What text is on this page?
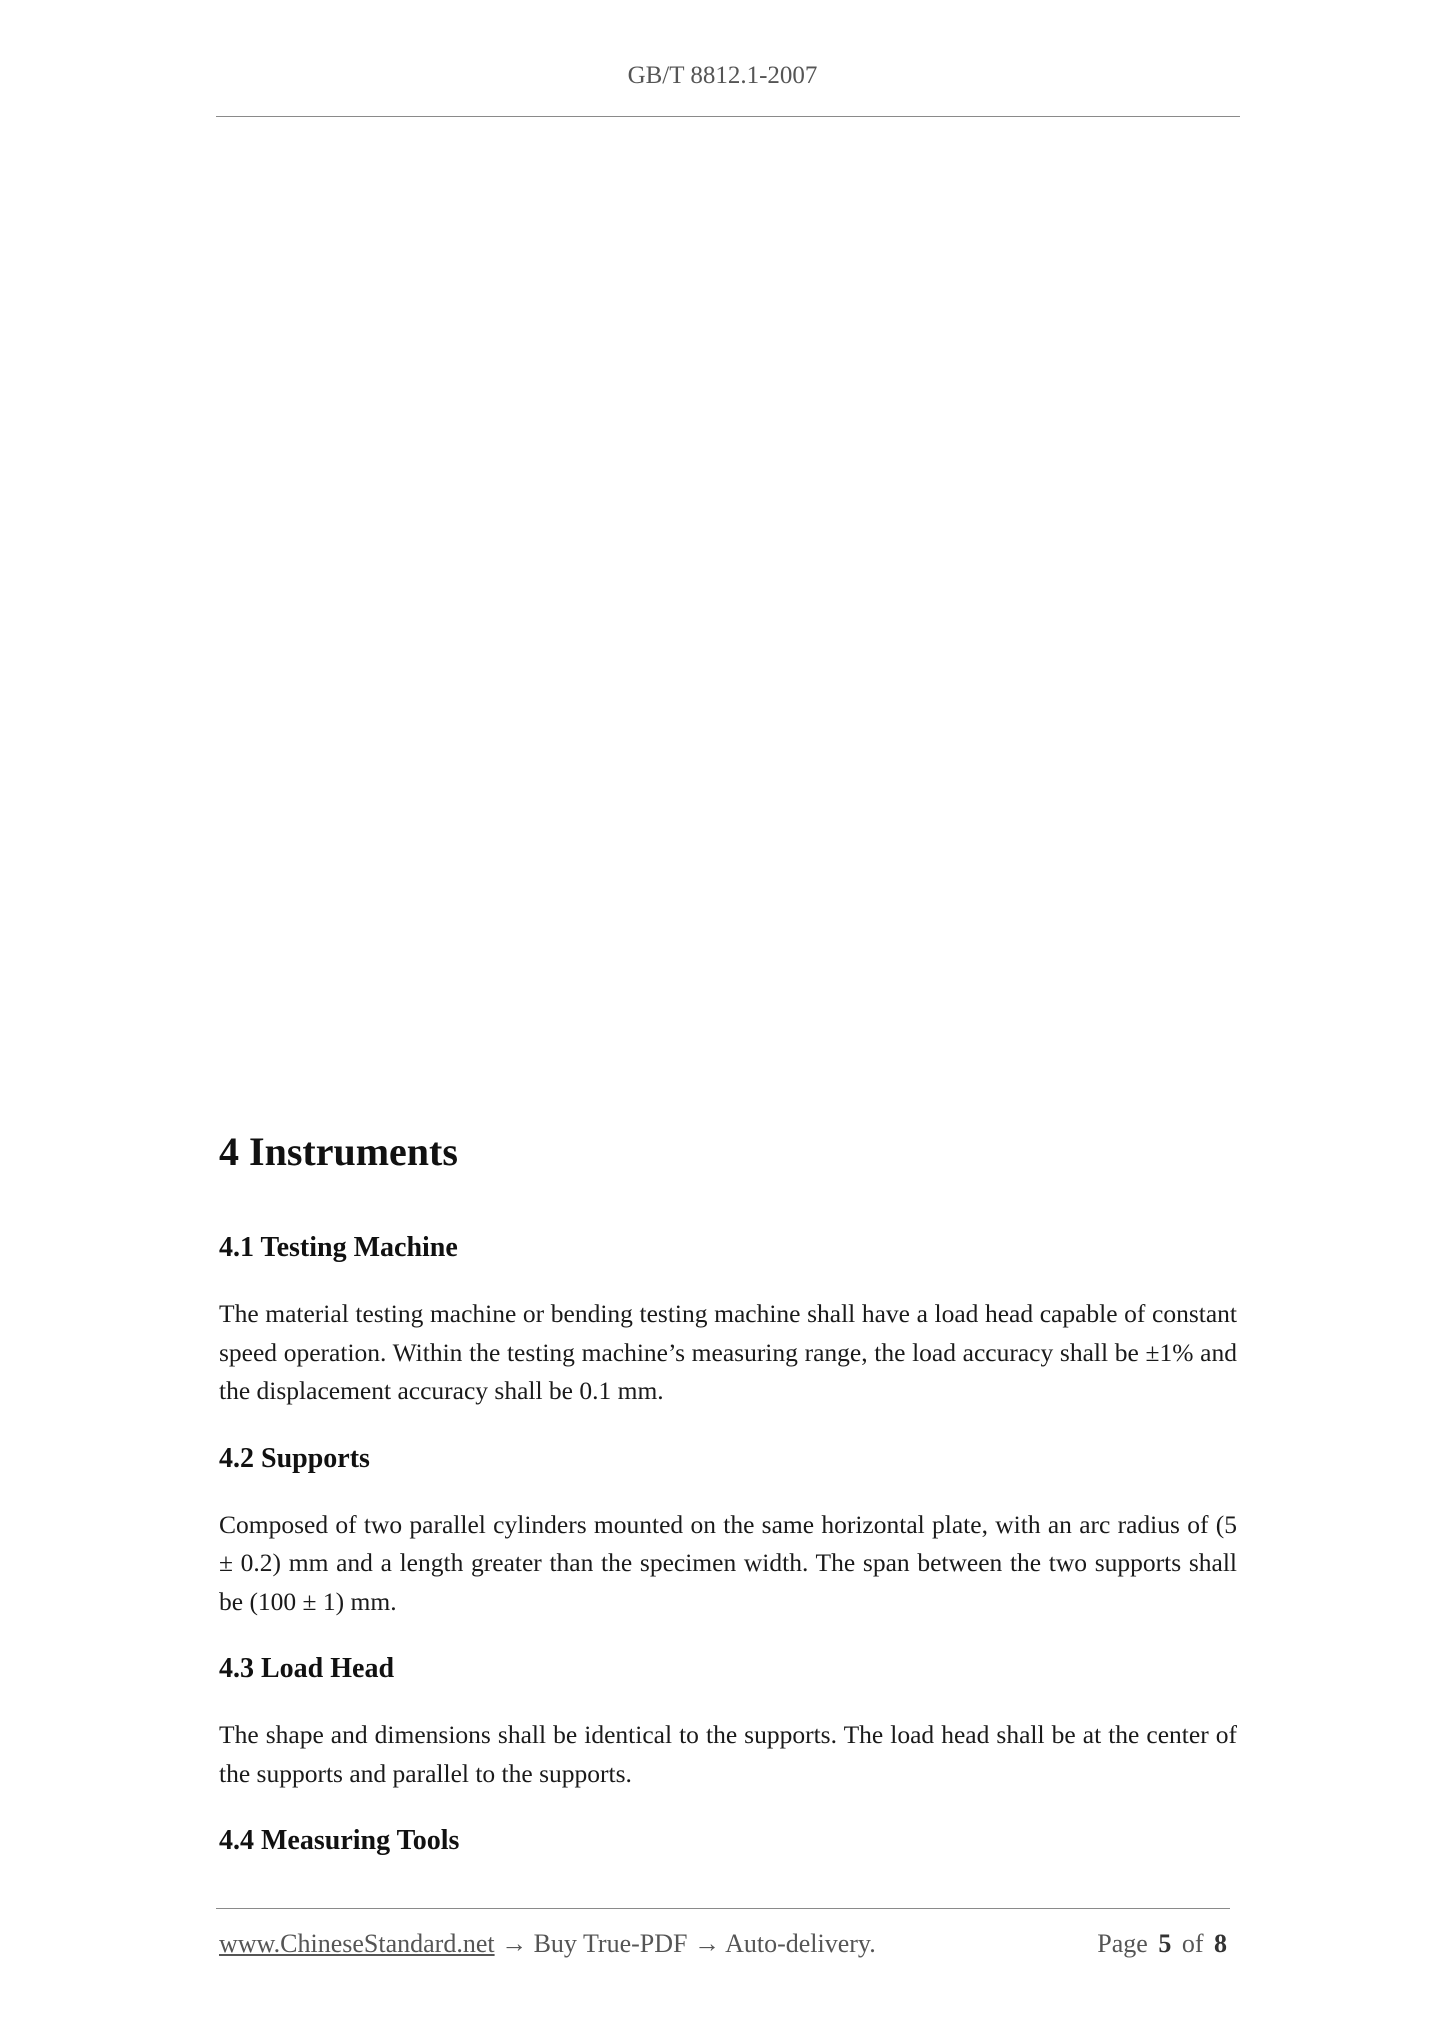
GB/T 8812.1-2007
4 Instruments
4.1 Testing Machine

The material testing machine or bending testing machine shall have a load head capable of constant speed operation. Within the testing machine’s measuring range, the load accuracy shall be ±1% and the displacement accuracy shall be 0.1 mm.

4.2 Supports

Composed of two parallel cylinders mounted on the same horizontal plate, with an arc radius of (5 ± 0.2) mm and a length greater than the specimen width. The span between the two supports shall be (100 ± 1) mm.

4.3 Load Head

The shape and dimensions shall be identical to the supports. The load head shall be at the center of the supports and parallel to the supports.

4.4 Measuring Tools
www.ChineseStandard.net → Buy True-PDF → Auto-delivery.	Page 5 of 8
